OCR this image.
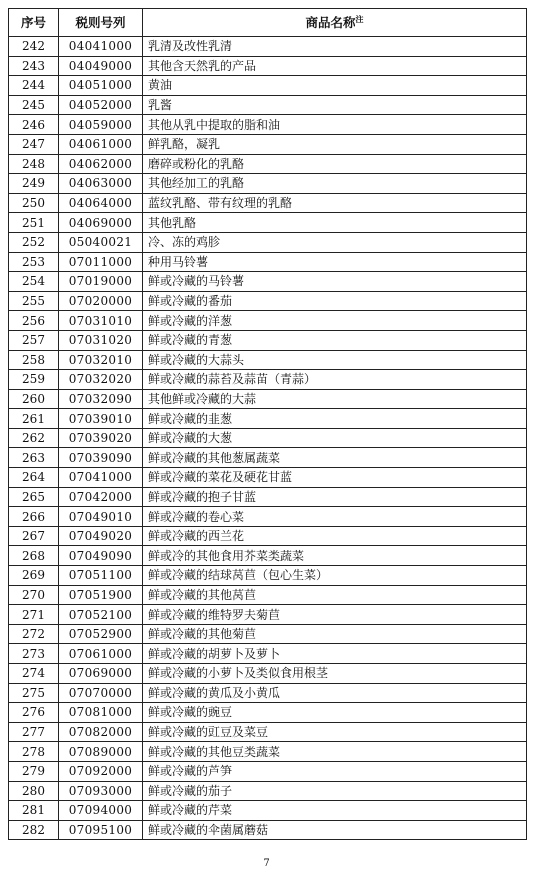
序号	税则号列	商品名称$^注$
242	04041000	乳清及改性乳清
243	04049000	其他含天然乳的产品
244	04051000	黄油
245	04052000	乳酱
246	04059000	其他从乳中提取的脂和油
247	04061000	鲜乳酪，凝乳
248	04062000	磨碎或粉化的乳酪
249	04063000	其他经加工的乳酪
250	04064000	蓝纹乳酪、带有纹理的乳酪
251	04069000	其他乳酪
252	05040021	冷、冻的鸡胗
253	07011000	种用马铃薯
254	07019000	鲜或冷藏的马铃薯
255	07020000	鲜或冷藏的番茄
256	07031010	鲜或冷藏的洋葱
257	07031020	鲜或冷藏的青葱
258	07032010	鲜或冷藏的大蒜头
259	07032020	鲜或冷藏的蒜苔及蒜苗（青蒜）
260	07032090	其他鲜或冷藏的大蒜
261	07039010	鲜或冷藏的韭葱
262	07039020	鲜或冷藏的大葱
263	07039090	鲜或冷藏的其他葱属蔬菜
264	07041000	鲜或冷藏的菜花及硬花甘蓝
265	07042000	鲜或冷藏的抱子甘蓝
266	07049010	鲜或冷藏的卷心菜
267	07049020	鲜或冷藏的西兰花
268	07049090	鲜或冷的其他食用芥菜类蔬菜
269	07051100	鲜或冷藏的结球莴苣（包心生菜）
270	07051900	鲜或冷藏的其他莴苣
271	07052100	鲜或冷藏的维特罗夫菊苣
272	07052900	鲜或冷藏的其他菊苣
273	07061000	鲜或冷藏的胡萝卜及萝卜
274	07069000	鲜或冷藏的小萝卜及类似食用根茎
275	07070000	鲜或冷藏的黄瓜及小黄瓜
276	07081000	鲜或冷藏的豌豆
277	07082000	鲜或冷藏的豇豆及菜豆
278	07089000	鲜或冷藏的其他豆类蔬菜
279	07092000	鲜或冷藏的芦笋
280	07093000	鲜或冷藏的茄子
281	07094000	鲜或冷藏的芹菜
282	07095100	鲜或冷藏的伞菌属蘑菇
7
